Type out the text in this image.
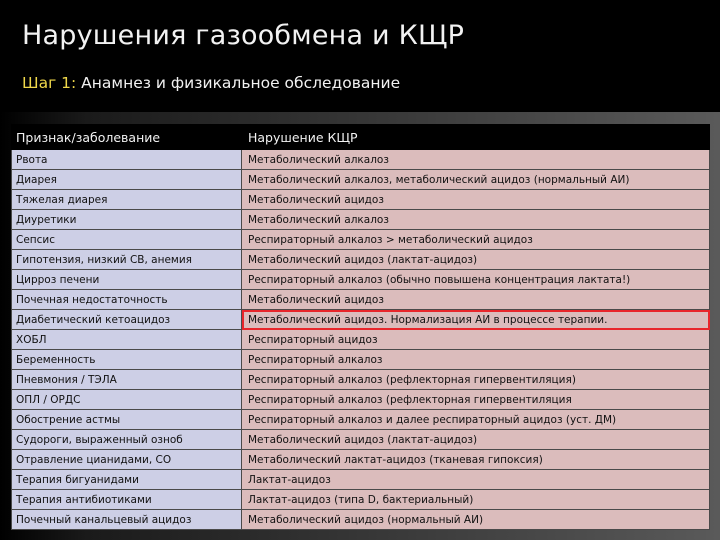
Нарушения газообмена и КЩР
Шаг 1: Анамнез и физикальное обследование
Признак/заболевание	Нарушение КЩР
Рвота	Метаболический алкалоз
Диарея	Метаболический алкалоз, метаболический ацидоз (нормальный АИ)
Тяжелая диарея	Метаболический ацидоз
Диуретики	Метаболический алкалоз
Сепсис	Респираторный алкалоз > метаболический ацидоз
Гипотензия, низкий СВ, анемия	Метаболический ацидоз (лактат-ацидоз)
Цирроз печени	Респираторный алкалоз (обычно повышена концентрация лактата!)
Почечная недостаточность	Метаболический ацидоз
Диабетический кетоацидоз	Метаболический ацидоз. Нормализация АИ в процессе терапии.
ХОБЛ	Респираторный ацидоз
Беременность	Респираторный алкалоз
Пневмония / ТЭЛА	Респираторный алкалоз (рефлекторная гипервентиляция)
ОПЛ / ОРДС	Респираторный алкалоз (рефлекторная гипервентиляция
Обострение астмы	Респираторный алкалоз и далее респираторный ацидоз (уст. ДМ)
Судороги, выраженный озноб	Метаболический ацидоз (лактат-ацидоз)
Отравление цианидами, СО	Метаболический лактат-ацидоз (тканевая гипоксия)
Терапия бигуанидами	Лактат-ацидоз
Терапия антибиотиками	Лактат-ацидоз (типа D, бактериальный)
Почечный канальцевый ацидоз	Метаболический ацидоз (нормальный АИ)
